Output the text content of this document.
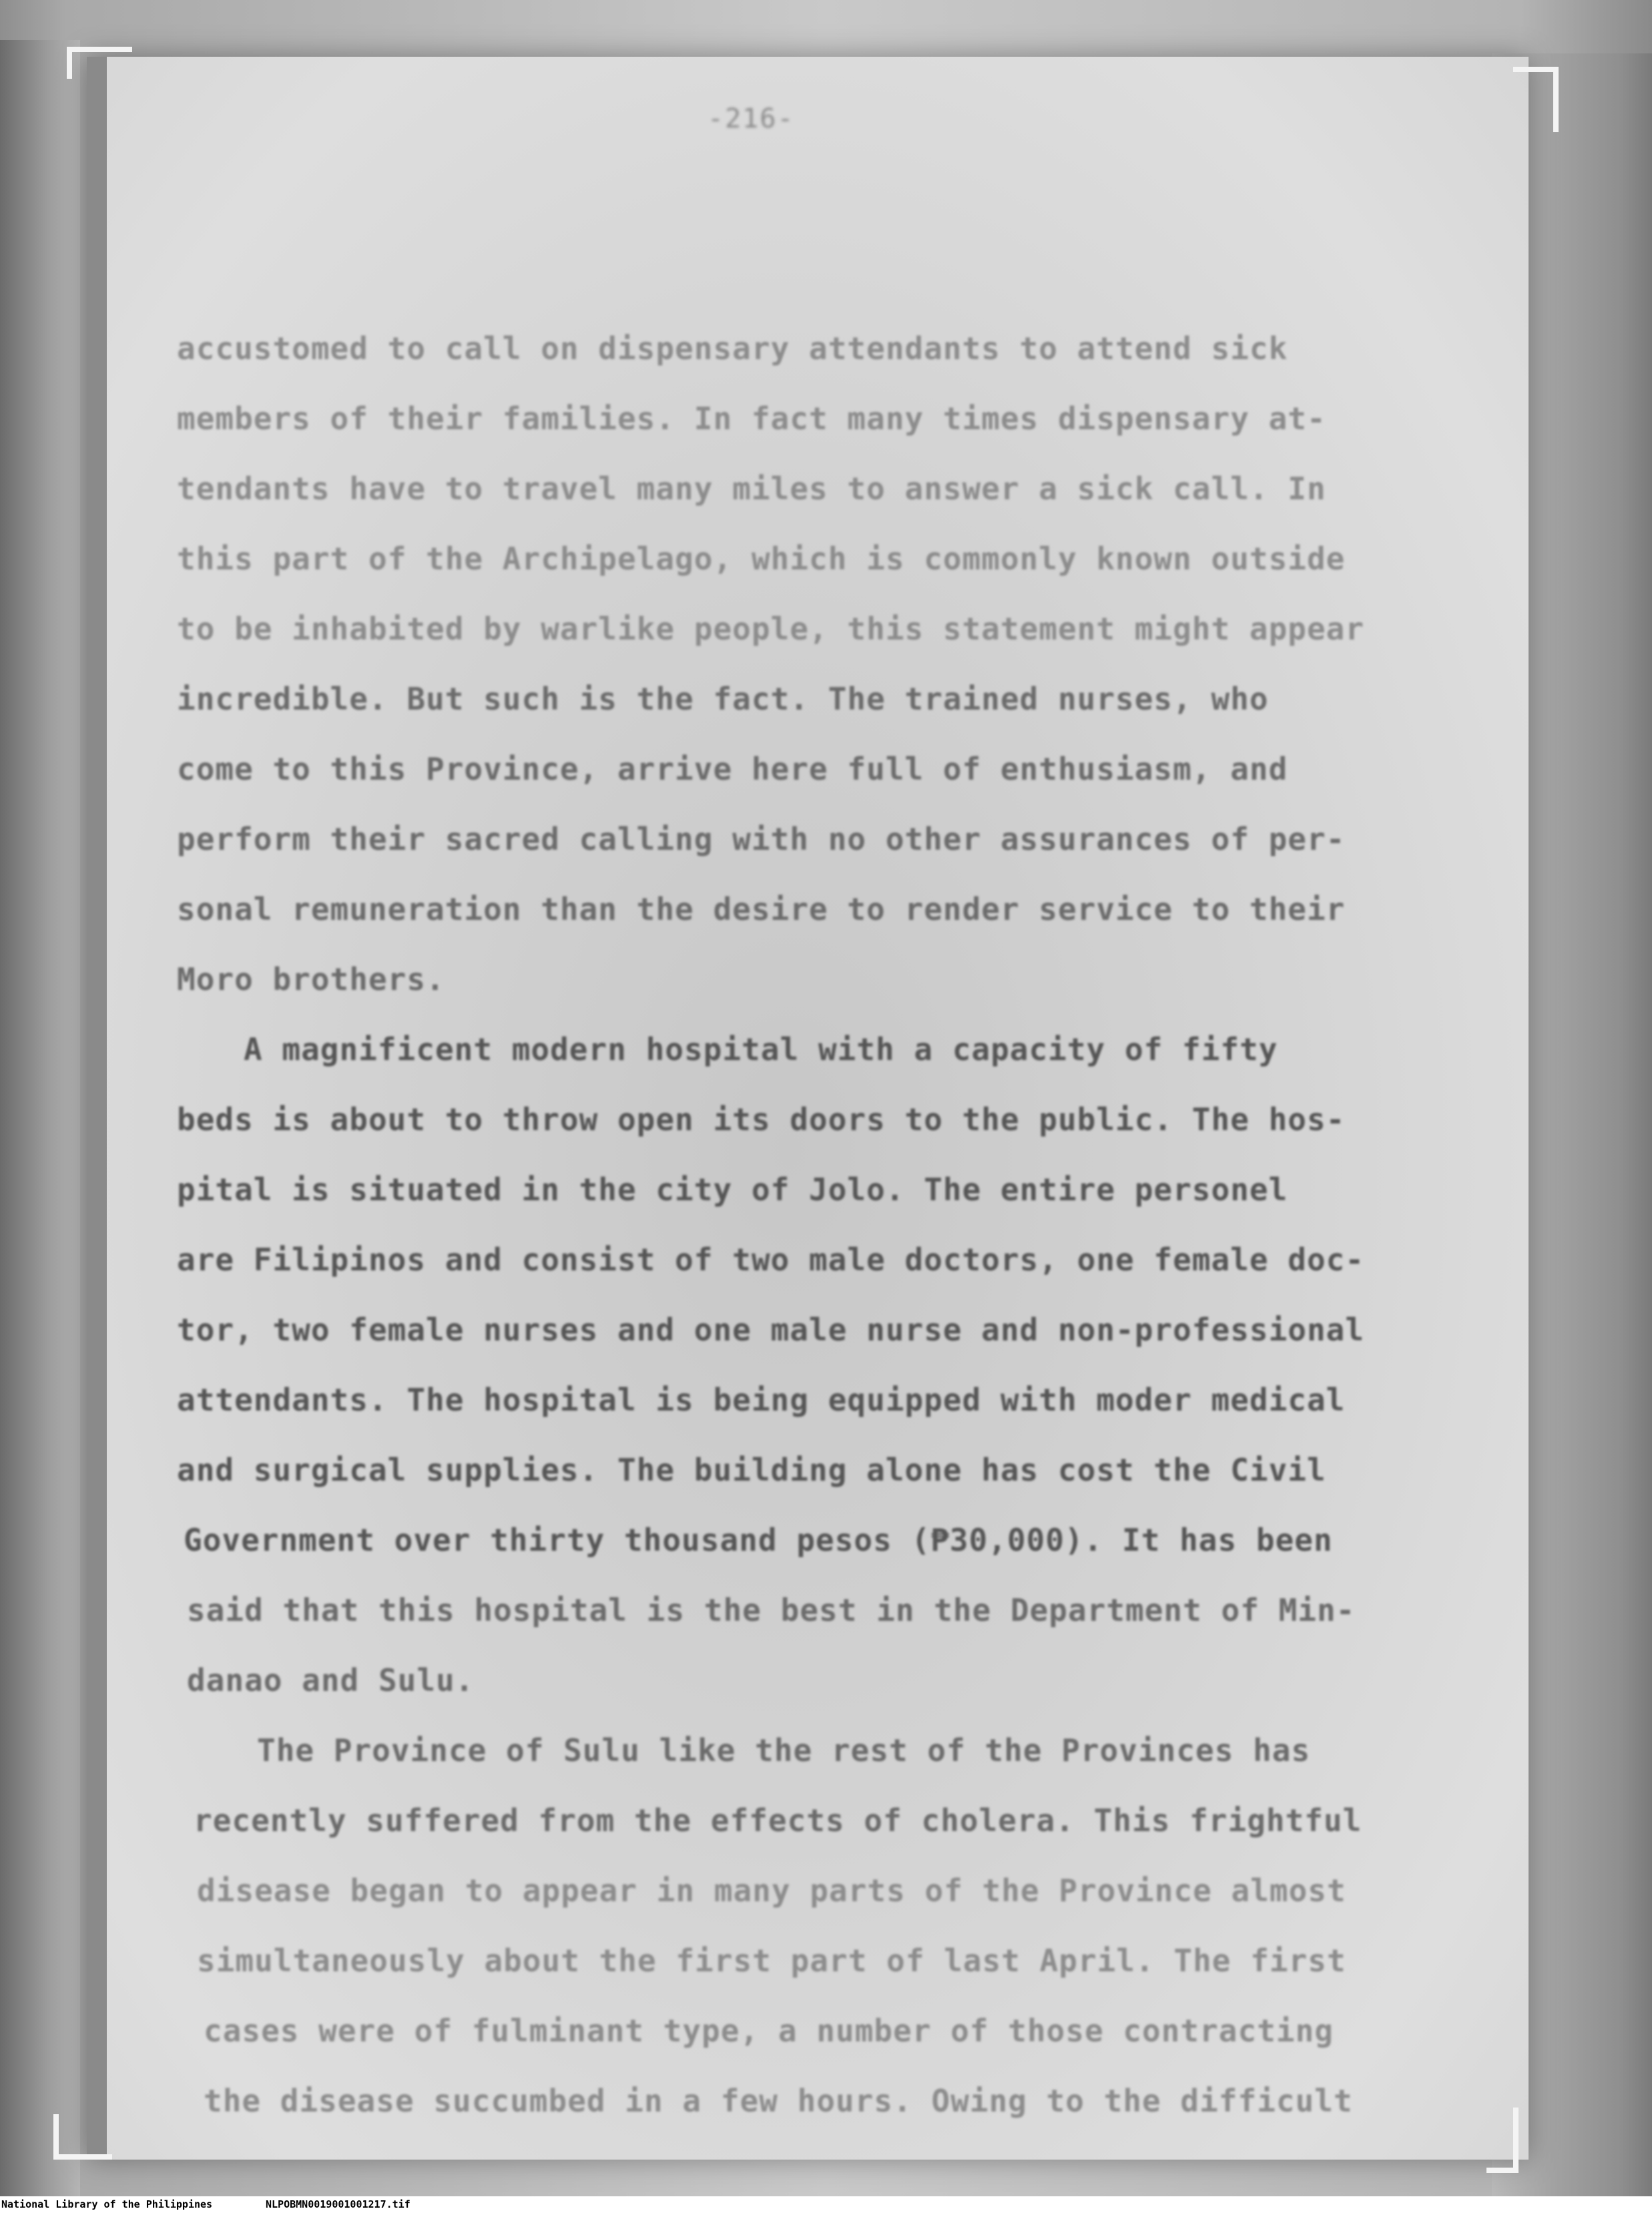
-216-
accustomed to call on dispensary attendants to attend sick
members of their families. In fact many times dispensary at-
tendants have to travel many miles to answer a sick call. In
this part of the Archipelago, which is commonly known outside
to be inhabited by warlike people, this statement might appear
incredible. But such is the fact. The trained nurses, who
come to this Province, arrive here full of enthusiasm, and
perform their sacred calling with no other assurances of per-
sonal remuneration than the desire to render service to their
Moro brothers.
A magnificent modern hospital with a capacity of fifty
beds is about to throw open its doors to the public. The hos-
pital is situated in the city of Jolo. The entire personel
are Filipinos and consist of two male doctors, one female doc-
tor, two female nurses and one male nurse and non-professional
attendants. The hospital is being equipped with moder medical
and surgical supplies. The building alone has cost the Civil
Government over thirty thousand pesos (₱30,000). It has been
said that this hospital is the best in the Department of Min-
danao and Sulu.
The Province of Sulu like the rest of the Provinces has
recently suffered from the effects of cholera. This frightful
disease began to appear in many parts of the Province almost
simultaneously about the first part of last April. The first
cases were of fulminant type, a number of those contracting
the disease succumbed in a few hours. Owing to the difficult
National Library of the Philippines	NLPOBMN0019001001217.tif
